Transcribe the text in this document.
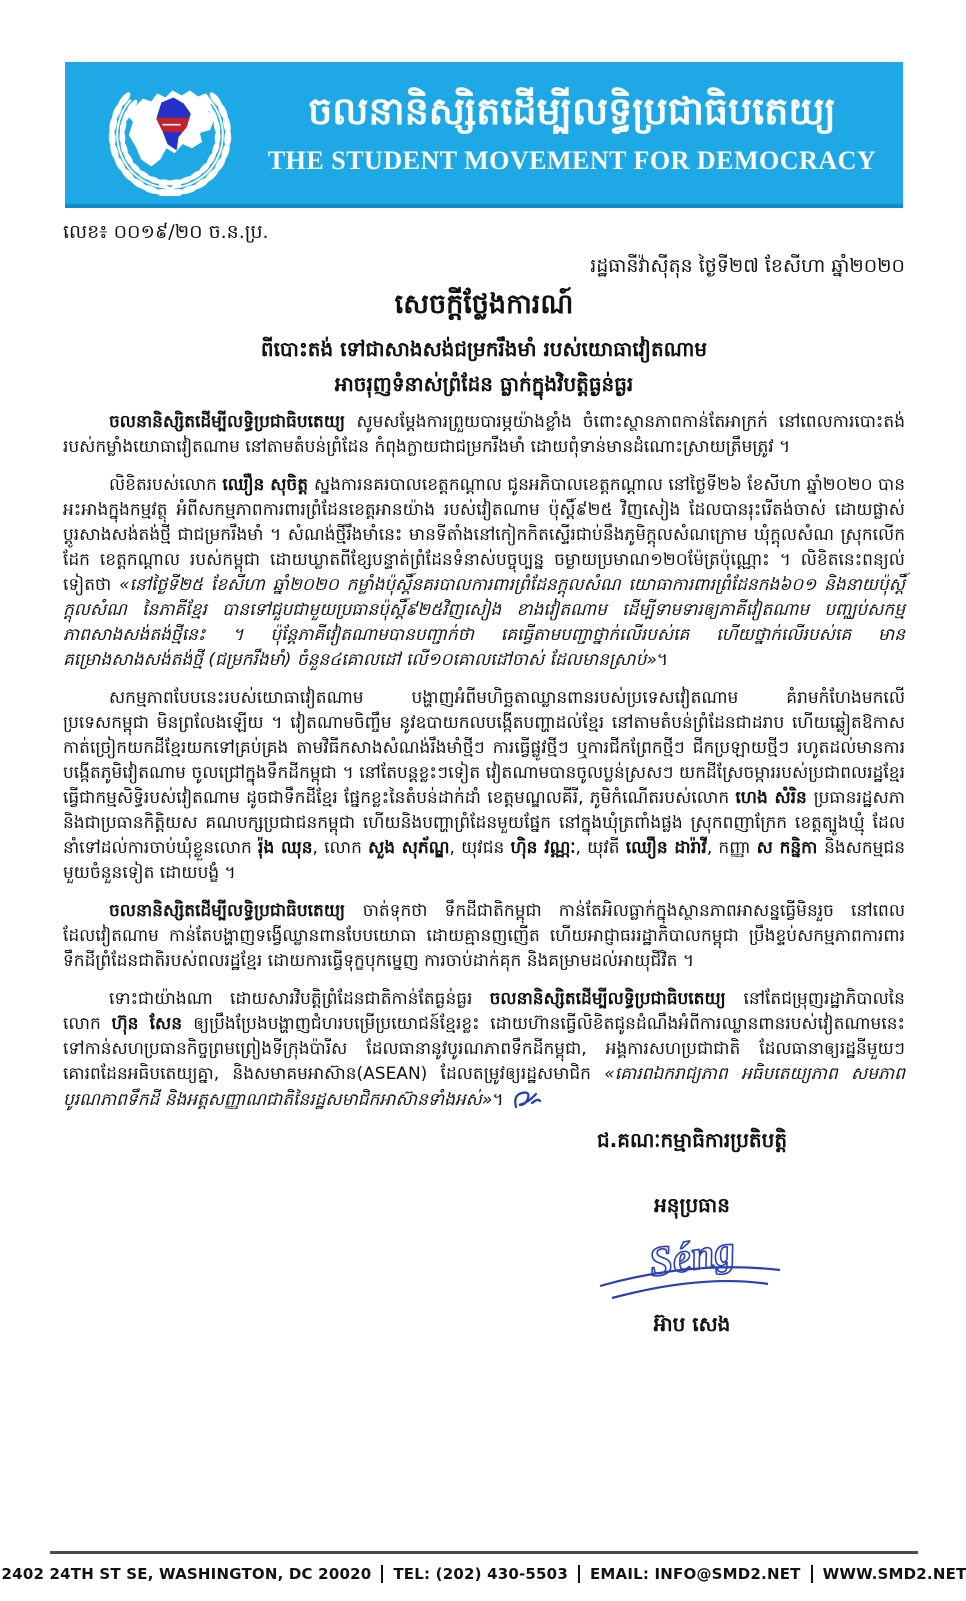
ចលនានិស្សិតដើម្បីលទ្ធិប្រជាធិបតេយ្យ
THE STUDENT MOVEMENT FOR DEMOCRACY
លេខ៖ ០០១៩/២០ ច.ន.ប្រ.
រដ្ឋធានីវ៉ាស៊ីតុន ថ្ងៃទី២៧ ខែសីហា ឆ្នាំ២០២០
សេចក្តីថ្លែងការណ៍
ពីបោះតង់ ទៅជាសាងសង់ជម្រករឹងមាំ របស់យោធាវៀតណាម
អាចរុញទំនាស់ព្រំដែន ធ្លាក់ក្នុងវិបត្តិធ្ងន់ធ្ងរ

ចលនានិស្សិតដើម្បីលទ្ធិប្រជាធិបតេយ្យ សូមសម្តែងការព្រួយបារម្ភយ៉ាងខ្លាំង ចំពោះស្ថានភាពកាន់តែអាក្រក់ នៅពេលការបោះតង់របស់កម្លាំងយោធាវៀតណាម នៅតាមតំបន់ព្រំដែន កំពុងក្លាយជាជម្រករឹងមាំ ដោយពុំទាន់មានដំណោះស្រាយត្រឹមត្រូវ ។

លិខិតរបស់លោក ឈឿន សុចិត្ត ស្នងការនគរបាលខេត្តកណ្តាល ជូនអភិបាលខេត្តកណ្តាល នៅថ្ងៃទី២៦ ខែសីហា ឆ្នាំ២០២០ បានអះអាងក្នុងកម្មវត្ថុ អំពីសកម្មភាពការពារព្រំដែនខេត្តអានយ៉ាង របស់វៀតណាម ប៉ុស្តិ៍៩២៥ វិញសៀង ដែលបានរុះរើតង់ចាស់ ដោយផ្លាស់ប្តូរសាងសង់តង់ថ្មី ជាជម្រករឹងមាំ ។ សំណង់ថ្មីរឹងមាំនេះ មានទីតាំងនៅកៀកកិតស្ទើរជាប់នឹងភូមិក្តុលសំណក្រោម ឃុំក្តុលសំណ ស្រុកលើកដែក ខេត្តកណ្តាល របស់កម្ពុជា ដោយឃ្លាតពីខ្សែបន្ទាត់ព្រំដែនទំនាស់បច្ចុប្បន្ន ចម្ងាយប្រមាណ១២០ម៉ែត្រប៉ុណ្ណោះ ។ លិខិតនេះពន្យល់ទៀតថា «នៅថ្ងៃទី២៥ ខែសីហា ឆ្នាំ២០២០ កម្លាំងប៉ុស្តិ៍នគរបាលការពារព្រំដែនក្តុលសំណ យោធាការពារព្រំដែនកង៦០១ និងនាយប៉ុស្តិ៍ក្តុលសំណ នៃភាគីខ្មែរ បានទៅជួបជាមួយប្រធានប៉ុស្តិ៍៩២៥វិញសៀង ខាងវៀតណាម ដើម្បីទាមទារឲ្យភាគីវៀតណាម បញ្ឈប់សកម្មភាពសាងសង់តង់ថ្មីនេះ ។ ប៉ុន្តែភាគីវៀតណាមបានបញ្ជាក់ថា គេធ្វើតាមបញ្ជាថ្នាក់លើរបស់គេ ហើយថ្នាក់លើរបស់គេ មានគម្រោងសាងសង់តង់ថ្មី (ជម្រករឹងមាំ) ចំនួន៤គោលដៅ លើ១០គោលដៅចាស់ ដែលមានស្រាប់»។

សកម្មភាពបែបនេះរបស់យោធាវៀតណាម បង្ហាញអំពីមហិច្ឆតាឈ្លានពានរបស់ប្រទេសវៀតណាម គំរាមកំហែងមកលើប្រទេសកម្ពុជា មិនព្រលែងឡើយ ។ វៀតណាមចិញ្ចឹម នូវឧបាយកលបង្កើតបញ្ហាដល់ខ្មែរ នៅតាមតំបន់ព្រំដែនជាដរាប ហើយឆ្លៀតឱកាសកាត់ច្រៀកយកដីខ្មែរយកទៅគ្រប់គ្រង តាមវិធីកសាងសំណង់រឹងមាំថ្មីៗ ការធ្វើផ្លូវថ្មីៗ ឬការជីកព្រែកថ្មីៗ ជីកប្រឡាយថ្មីៗ រហូតដល់មានការបង្កើតភូមិវៀតណាម ចូលជ្រៅក្នុងទឹកដីកម្ពុជា ។ នៅតែបន្តខ្លះៗទៀត វៀតណាមបានចូលប្លន់ស្រសៗ យកដីស្រែចម្ការរបស់ប្រជាពលរដ្ឋខ្មែរ ធ្វើជាកម្មសិទ្ធិរបស់វៀតណាម ដូចជាទឹកដីខ្មែរ ផ្នែកខ្លះនៃតំបន់ដាក់ដាំ ខេត្តមណ្ឌលគីរី, ភូមិកំណើតរបស់លោក ហេង សំរិន ប្រធានរដ្ឋសភា និងជាប្រធានកិត្តិយស គណបក្សប្រជាជនកម្ពុជា ហើយនិងបញ្ហាព្រំដែនមួយផ្នែក នៅក្នុងឃុំត្រពាំងផ្លង ស្រុកពញាក្រែក ខេត្តត្បូងឃ្មុំ ដែលនាំទៅដល់ការចាប់ឃុំខ្លួនលោក រ៉ុង ឈុន, លោក សួង សុភ័ណ្ឌ, យុវជន ហ៊ិន វណ្ណៈ, យុវតី ឈឿន ដារ៉ាវី, កញ្ញា ស កន្និកា និងសកម្មជនមួយចំនួនទៀត ដោយបង្ខំ ។

ចលនានិស្សិតដើម្បីលទ្ធិប្រជាធិបតេយ្យ ចាត់ទុកថា ទឹកដីជាតិកម្ពុជា កាន់តែអិលធ្លាក់ក្នុងស្ថានភាពអាសន្នធ្វើមិនរួច នៅពេលដែលវៀតណាម កាន់តែបង្ហាញទង្វើឈ្លានពានបែបយោធា ដោយគ្មានញញើត ហើយអាជ្ញាធររដ្ឋាភិបាលកម្ពុជា ប្រឹងខ្ទប់សកម្មភាពការពារទឹកដីព្រំដែនជាតិរបស់ពលរដ្ឋខ្មែរ ដោយការធ្វើទុក្ខបុកម្នេញ ការចាប់ដាក់គុក និងគម្រាមដល់អាយុជីវិត ។

ទោះជាយ៉ាងណា ដោយសារវិបត្តិព្រំដែនជាតិកាន់តែធ្ងន់ធ្ងរ ចលនានិស្សិតដើម្បីលទ្ធិប្រជាធិបតេយ្យ នៅតែជម្រុញរដ្ឋាភិបាលនៃលោក ហ៊ុន សែន ឲ្យប្រឹងប្រែងបង្ហាញជំហរបម្រើប្រយោជន៍ខ្មែរខ្លះ ដោយហ៊ានធ្វើលិខិតជូនដំណឹងអំពីការឈ្លានពានរបស់វៀតណាមនេះ ទៅកាន់សហប្រធានកិច្ចព្រមព្រៀងទីក្រុងប៉ារីស ដែលធានានូវបូរណភាពទឹកដីកម្ពុជា, អង្គការសហប្រជាជាតិ ដែលធានាឲ្យរដ្ឋនីមួយៗគោរពដែនអធិបតេយ្យគ្នា, និងសមាគមអាស៊ាន(ASEAN) ដែលតម្រូវឲ្យរដ្ឋសមាជិក «គោរពឯករាជ្យភាព អធិបតេយ្យភាព សមភាព បូរណភាពទឹកដី និងអត្តសញ្ញាណជាតិនៃរដ្ឋសមាជិកអាស៊ានទាំងអស់»។

ជ.គណៈកម្មាធិការប្រតិបត្តិ
អនុប្រធាន
Séng
អ៊ាប សេង
2402 24TH ST SE, WASHINGTON, DC 20020 TEL: (202) 430-5503 EMAIL: INFO@SMD2.NET WWW.SMD2.NET
